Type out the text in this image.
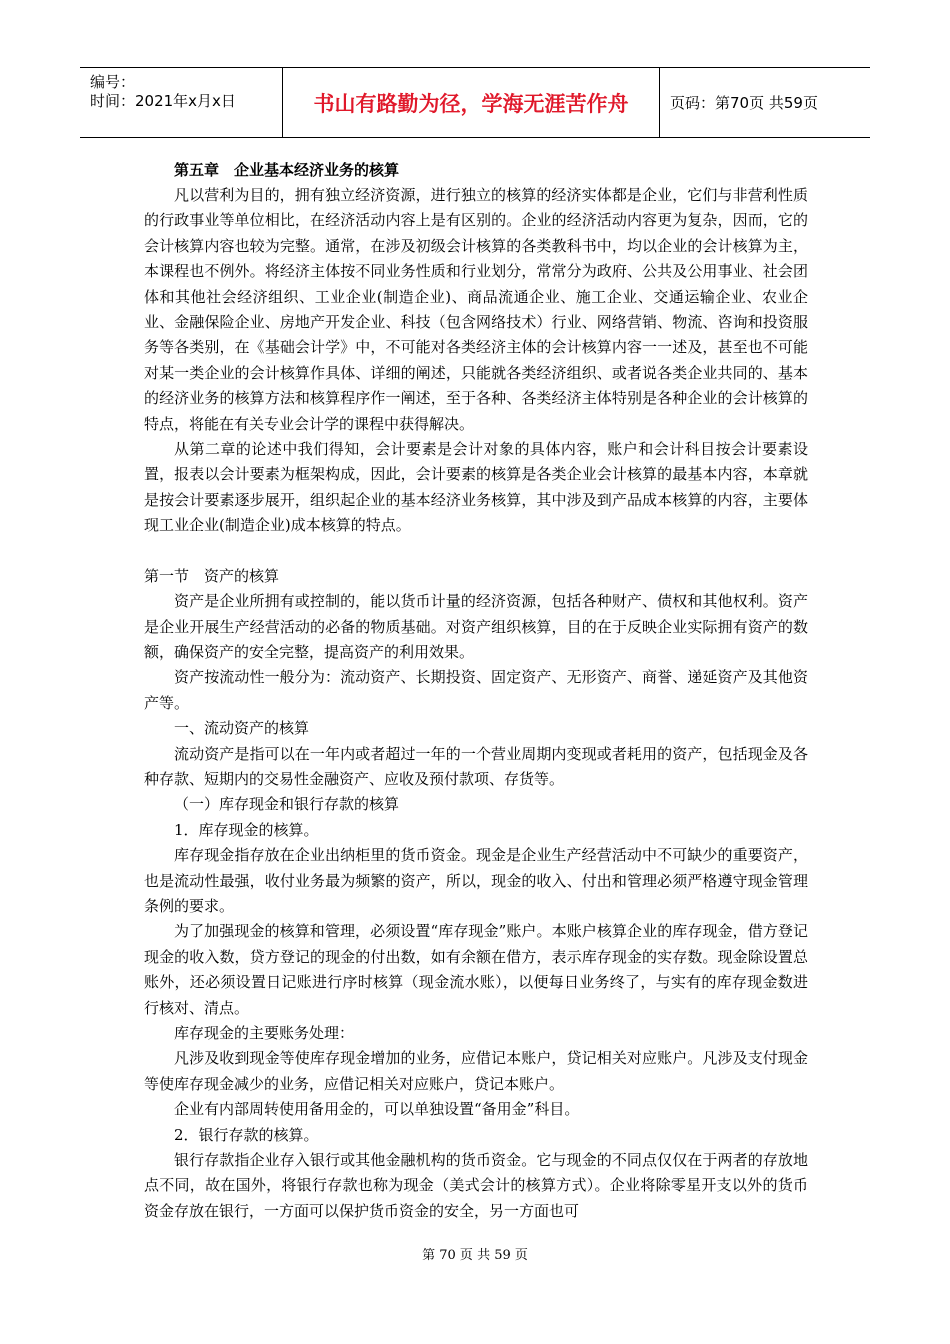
编号：
时间：2021年x月x日	书山有路勤为径，学海无涯苦作舟	页码：第70页 共59页

第五章　企业基本经济业务的核算

凡以营利为目的，拥有独立经济资源，进行独立的核算的经济实体都是企业，它们与非营利性质的行政事业等单位相比，在经济活动内容上是有区别的。企业的经济活动内容更为复杂，因而，它的会计核算内容也较为完整。通常，在涉及初级会计核算的各类教科书中，均以企业的会计核算为主，本课程也不例外。将经济主体按不同业务性质和行业划分，常常分为政府、公共及公用事业、社会团体和其他社会经济组织、工业企业(制造企业)、商品流通企业、施工企业、交通运输企业、农业企业、金融保险企业、房地产开发企业、科技（包含网络技术）行业、网络营销、物流、咨询和投资服务等各类别，在《基础会计学》中，不可能对各类经济主体的会计核算内容一一述及，甚至也不可能对某一类企业的会计核算作具体、详细的阐述，只能就各类经济组织、或者说各类企业共同的、基本的经济业务的核算方法和核算程序作一阐述，至于各种、各类经济主体特别是各种企业的会计核算的特点，将能在有关专业会计学的课程中获得解决。

从第二章的论述中我们得知，会计要素是会计对象的具体内容，账户和会计科目按会计要素设置，报表以会计要素为框架构成，因此，会计要素的核算是各类企业会计核算的最基本内容，本章就是按会计要素逐步展开，组织起企业的基本经济业务核算，其中涉及到产品成本核算的内容，主要体现工业企业(制造企业)成本核算的特点。

第一节　资产的核算

资产是企业所拥有或控制的，能以货币计量的经济资源，包括各种财产、债权和其他权利。资产是企业开展生产经营活动的必备的物质基础。对资产组织核算，目的在于反映企业实际拥有资产的数额，确保资产的安全完整，提高资产的利用效果。

资产按流动性一般分为：流动资产、长期投资、固定资产、无形资产、商誉、递延资产及其他资产等。

一、流动资产的核算

流动资产是指可以在一年内或者超过一年的一个营业周期内变现或者耗用的资产，包括现金及各种存款、短期内的交易性金融资产、应收及预付款项、存货等。

（一）库存现金和银行存款的核算

1．库存现金的核算。

库存现金指存放在企业出纳柜里的货币资金。现金是企业生产经营活动中不可缺少的重要资产，也是流动性最强，收付业务最为频繁的资产，所以，现金的收入、付出和管理必须严格遵守现金管理条例的要求。

为了加强现金的核算和管理，必须设置“库存现金”账户。本账户核算企业的库存现金，借方登记现金的收入数，贷方登记的现金的付出数，如有余额在借方，表示库存现金的实存数。现金除设置总账外，还必须设置日记账进行序时核算（现金流水账），以便每日业务终了，与实有的库存现金数进行核对、清点。

库存现金的主要账务处理：

凡涉及收到现金等使库存现金增加的业务，应借记本账户，贷记相关对应账户。凡涉及支付现金等使库存现金减少的业务，应借记相关对应账户，贷记本账户。

企业有内部周转使用备用金的，可以单独设置“备用金”科目。

2．银行存款的核算。

银行存款指企业存入银行或其他金融机构的货币资金。它与现金的不同点仅仅在于两者的存放地点不同，故在国外，将银行存款也称为现金（美式会计的核算方式）。企业将除零星开支以外的货币资金存放在银行，一方面可以保护货币资金的安全，另一方面也可

第 70 页 共 59 页
